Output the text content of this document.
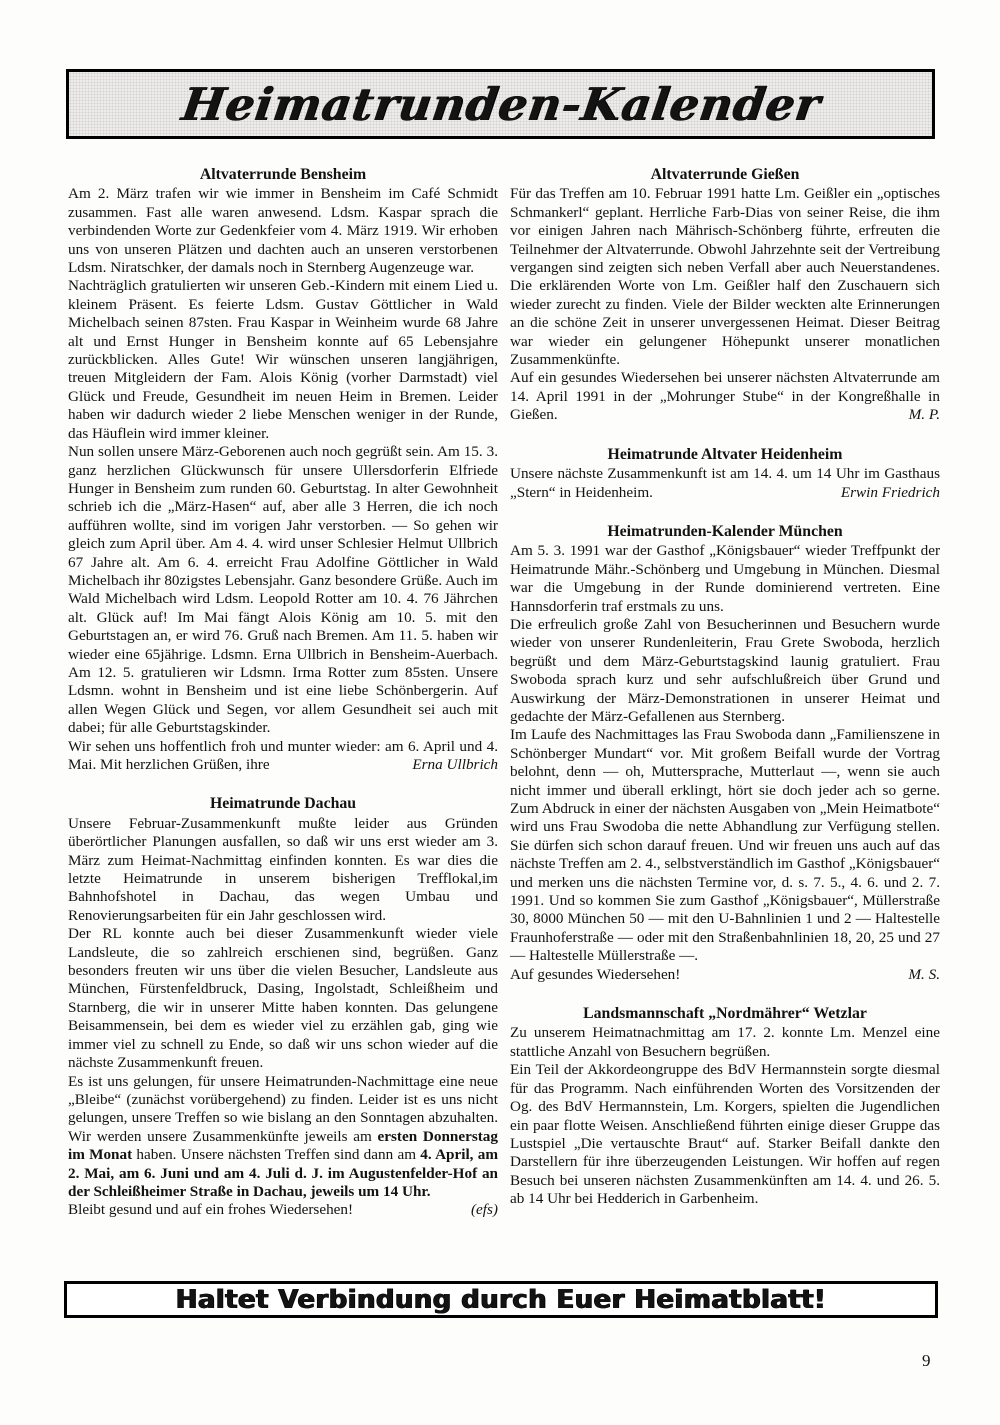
Heimatrunden-Kalender

Altvaterrunde Bensheim

Am 2. März trafen wir wie immer in Bensheim im Café Schmidt zusammen. Fast alle waren anwesend. Ldsm. Kaspar sprach die verbindenden Worte zur Gedenkfeier vom 4. März 1919. Wir erhoben uns von unseren Plätzen und dachten auch an unseren verstorbenen Ldsm. Niratschker, der damals noch in Sternberg Augenzeuge war.

Nachträglich gratulierten wir unseren Geb.-Kindern mit einem Lied u. kleinem Präsent. Es feierte Ldsm. Gustav Göttlicher in Wald Michelbach seinen 87sten. Frau Kaspar in Weinheim wurde 68 Jahre alt und Ernst Hunger in Bensheim konnte auf 65 Lebensjahre zurückblicken. Alles Gute! Wir wünschen unseren langjährigen, treuen Mitgleidern der Fam. Alois König (vorher Darmstadt) viel Glück und Freude, Gesundheit im neuen Heim in Bremen. Leider haben wir dadurch wieder 2 liebe Menschen weniger in der Runde, das Häuflein wird immer kleiner.

Nun sollen unsere März-Geborenen auch noch gegrüßt sein. Am 15. 3. ganz herzlichen Glückwunsch für unsere Ullersdorferin Elfriede Hunger in Bensheim zum runden 60. Geburtstag. In alter Gewohnheit schrieb ich die „März-Hasen“ auf, aber alle 3 Herren, die ich noch aufführen wollte, sind im vorigen Jahr verstorben. — So gehen wir gleich zum April über. Am 4. 4. wird unser Schlesier Helmut Ullbrich 67 Jahre alt. Am 6. 4. erreicht Frau Adolfine Göttlicher in Wald Michelbach ihr 80zigstes Lebensjahr. Ganz besondere Grüße. Auch im Wald Michelbach wird Ldsm. Leopold Rotter am 10. 4. 76 Jährchen alt. Glück auf! Im Mai fängt Alois König am 10. 5. mit den Geburtstagen an, er wird 76. Gruß nach Bremen. Am 11. 5. haben wir wieder eine 65jährige. Ldsmn. Erna Ullbrich in Bensheim-Auerbach. Am 12. 5. gratulieren wir Ldsmn. Irma Rotter zum 85sten. Unsere Ldsmn. wohnt in Bensheim und ist eine liebe Schönbergerin. Auf allen Wegen Glück und Segen, vor allem Gesundheit sei auch mit dabei; für alle Geburtstagskinder.

Wir sehen uns hoffentlich froh und munter wieder: am 6. April und 4. Mai. Mit herzlichen Grüßen, ihre	Erna Ullbrich

Heimatrunde Dachau

Unsere Februar-Zusammenkunft mußte leider aus Gründen überörtlicher Planungen ausfallen, so daß wir uns erst wieder am 3. März zum Heimat-Nachmittag einfinden konnten. Es war dies die letzte Heimatrunde in unserem bisherigen Trefflokal,im Bahnhofshotel in Dachau, das wegen Umbau und Renovierungsarbeiten für ein Jahr geschlossen wird.

Der RL konnte auch bei dieser Zusammenkunft wieder viele Landsleute, die so zahlreich erschienen sind, begrüßen. Ganz besonders freuten wir uns über die vielen Besucher, Landsleute aus München, Fürstenfeldbruck, Dasing, Ingolstadt, Schleißheim und Starnberg, die wir in unserer Mitte haben konnten. Das gelungene Beisammensein, bei dem es wieder viel zu erzählen gab, ging wie immer viel zu schnell zu Ende, so daß wir uns schon wieder auf die nächste Zusammenkunft freuen.

Es ist uns gelungen, für unsere Heimatrunden-Nachmittage eine neue „Bleibe“ (zunächst vorübergehend) zu finden. Leider ist es uns nicht gelungen, unsere Treffen so wie bislang an den Sonntagen abzuhalten. Wir werden unsere Zusammenkünfte jeweils am ersten Donnerstag im Monat haben. Unsere nächsten Treffen sind dann am 4. April, am 2. Mai, am 6. Juni und am 4. Juli d. J. im Augustenfelder-Hof an der Schleißheimer Straße in Dachau, jeweils um 14 Uhr.

Bleibt gesund und auf ein frohes Wiedersehen!	(efs)

Altvaterrunde Gießen

Für das Treffen am 10. Februar 1991 hatte Lm. Geißler ein „optisches Schmankerl“ geplant. Herrliche Farb-Dias von seiner Reise, die ihm vor einigen Jahren nach Mährisch-Schönberg führte, erfreuten die Teilnehmer der Altvaterrunde. Obwohl Jahrzehnte seit der Vertreibung vergangen sind zeigten sich neben Verfall aber auch Neuerstandenes. Die erklärenden Worte von Lm. Geißler half den Zuschauern sich wieder zurecht zu finden. Viele der Bilder weckten alte Erinnerungen an die schöne Zeit in unserer unvergessenen Heimat. Dieser Beitrag war wieder ein gelungener Höhepunkt unserer monatlichen Zusammenkünfte.

Auf ein gesundes Wiedersehen bei unserer nächsten Altvaterrunde am 14. April 1991 in der „Mohrunger Stube“ in der Kongreßhalle in Gießen.	M. P.

Heimatrunde Altvater Heidenheim

Unsere nächste Zusammenkunft ist am 14. 4. um 14 Uhr im Gasthaus „Stern“ in Heidenheim.	Erwin Friedrich

Heimatrunden-Kalender München

Am 5. 3. 1991 war der Gasthof „Königsbauer“ wieder Treffpunkt der Heimatrunde Mähr.-Schönberg und Umgebung in München. Diesmal war die Umgebung in der Runde dominierend vertreten. Eine Hannsdorferin traf erstmals zu uns.

Die erfreulich große Zahl von Besucherinnen und Besuchern wurde wieder von unserer Rundenleiterin, Frau Grete Swoboda, herzlich begrüßt und dem März-Geburtstagskind launig gratuliert. Frau Swoboda sprach kurz und sehr aufschlußreich über Grund und Auswirkung der März-Demonstrationen in unserer Heimat und gedachte der März-Gefallenen aus Sternberg.

Im Laufe des Nachmittages las Frau Swoboda dann „Familienszene in Schönberger Mundart“ vor. Mit großem Beifall wurde der Vortrag belohnt, denn — oh, Muttersprache, Mutterlaut —, wenn sie auch nicht immer und überall erklingt, hört sie doch jeder ach so gerne. Zum Abdruck in einer der nächsten Ausgaben von „Mein Heimatbote“ wird uns Frau Swodoba die nette Abhandlung zur Verfügung stellen. Sie dürfen sich schon darauf freuen. Und wir freuen uns auch auf das nächste Treffen am 2. 4., selbstverständlich im Gasthof „Königsbauer“ und merken uns die nächsten Termine vor, d. s. 7. 5., 4. 6. und 2. 7. 1991. Und so kommen Sie zum Gasthof „Königsbauer“, Müllerstraße 30, 8000 München 50 — mit den U-Bahnlinien 1 und 2 — Haltestelle Fraunhoferstraße — oder mit den Straßenbahnlinien 18, 20, 25 und 27 — Haltestelle Müllerstraße —.

Auf gesundes Wiedersehen!	M. S.

Landsmannschaft „Nordmährer“ Wetzlar

Zu unserem Heimatnachmittag am 17. 2. konnte Lm. Menzel eine stattliche Anzahl von Besuchern begrüßen.

Ein Teil der Akkordeongruppe des BdV Hermannstein sorgte diesmal für das Programm. Nach einführenden Worten des Vorsitzenden der Og. des BdV Hermannstein, Lm. Korgers, spielten die Jugendlichen ein paar flotte Weisen. Anschließend führten einige dieser Gruppe das Lustspiel „Die vertauschte Braut“ auf. Starker Beifall dankte den Darstellern für ihre überzeugenden Leistungen. Wir hoffen auf regen Besuch bei unseren nächsten Zusammenkünften am 14. 4. und 26. 5. ab 14 Uhr bei Hedderich in Garbenheim.

Haltet Verbindung durch Euer Heimatblatt!
9
